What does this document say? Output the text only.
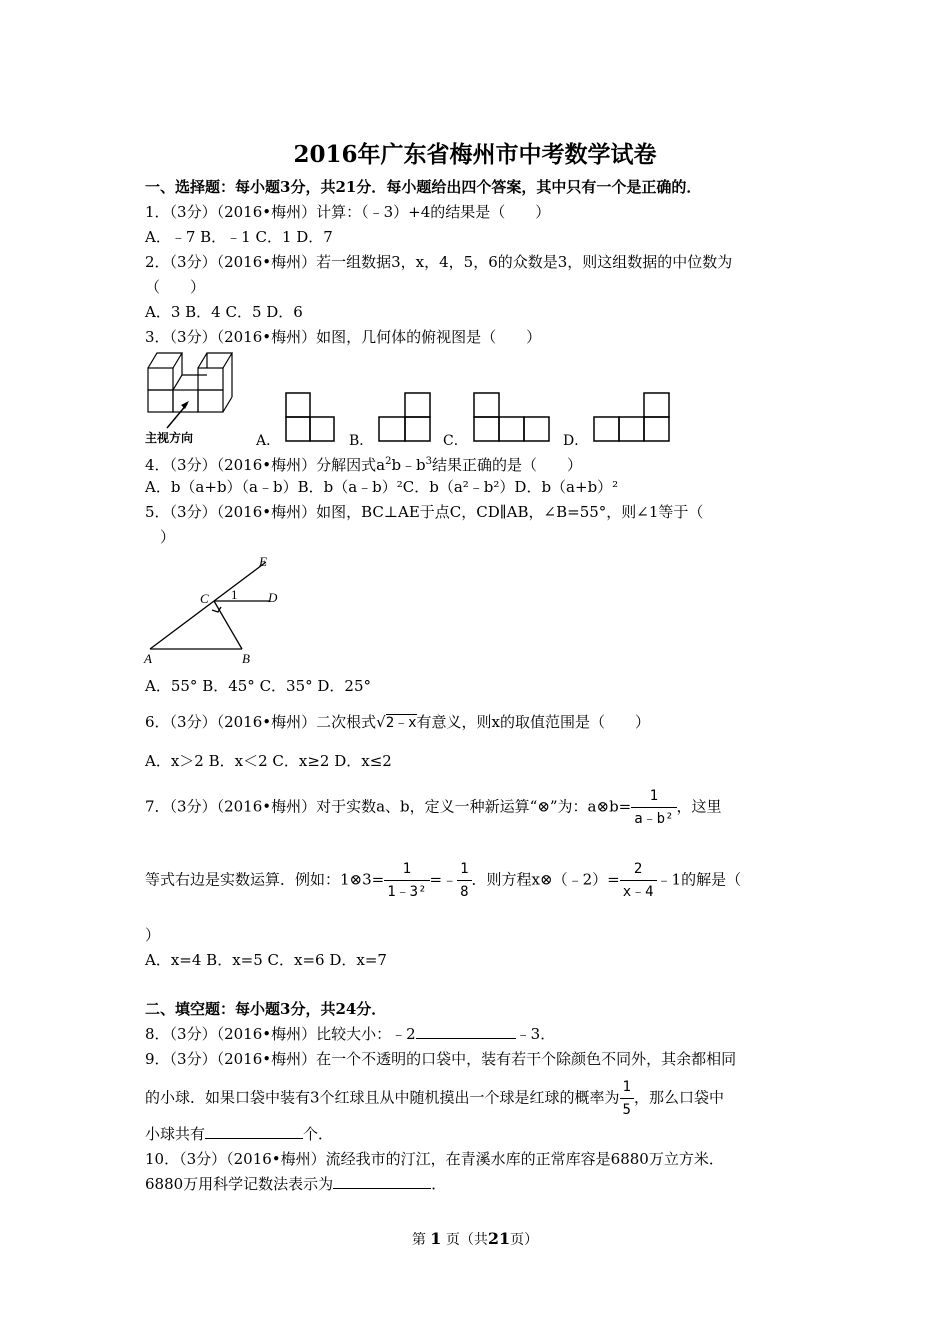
2016年广东省梅州市中考数学试卷
一、选择题：每小题3分，共21分．每小题给出四个答案，其中只有一个是正确的．
1．（3分）（2016•梅州）计算：（﹣3）+4的结果是（　　）
A．﹣7 B．﹣1 C．1 D．7
2．（3分）（2016•梅州）若一组数据3，x，4，5，6的众数是3，则这组数据的中位数为
（　　）
A．3 B．4 C．5 D．6
3．（3分）（2016•梅州）如图，几何体的俯视图是（　　）
主视方向	A．	B．	C．	D．
4．（3分）（2016•梅州）分解因式$a^2b﹣b^3$结果正确的是（　　）
A．b（a+b）（a﹣b）B．b（a﹣b）²C．b（a²﹣b²）D．b（a+b）²
5．（3分）（2016•梅州）如图，BC⊥AE于点C，CD∥AB，∠B=55°，则∠1等于（
）
A	B
C	D
E
1
A．55° B．45° C．35° D．25°
6．（3分）（2016•梅州）二次根式√2﹣x有意义，则x的取值范围是（　　）
A．x＞2 B．x＜2 C．x≥2 D．x≤2
7．（3分）（2016•梅州）对于实数a、b，定义一种新运算“⊗”为：a⊗b= $\frac{1}{\text{a﹣b²}}$ ，这里
等式右边是实数运算．例如：1⊗3= $\frac{1}{\text{1﹣3²}}$ =﹣ $\frac{1}{8}$ ．则方程x⊗（﹣2）= $\frac{2}{x﹣4}$ ﹣1的解是（
）
A．x=4 B．x=5 C．x=6 D．x=7
二、填空题：每小题3分，共24分．
8．（3分）（2016•梅州）比较大小：﹣2	﹣3．
9．（3分）（2016•梅州）在一个不透明的口袋中，装有若干个除颜色不同外，其余都相同
的小球．如果口袋中装有3个红球且从中随机摸出一个球是红球的概率为 $\frac{1}{5}$ ，那么口袋中
小球共有	个．
10．（3分）（2016•梅州）流经我市的汀江，在青溪水库的正常库容是6880万立方米．
6880万用科学记数法表示为	．
第 1 页（共21页）
